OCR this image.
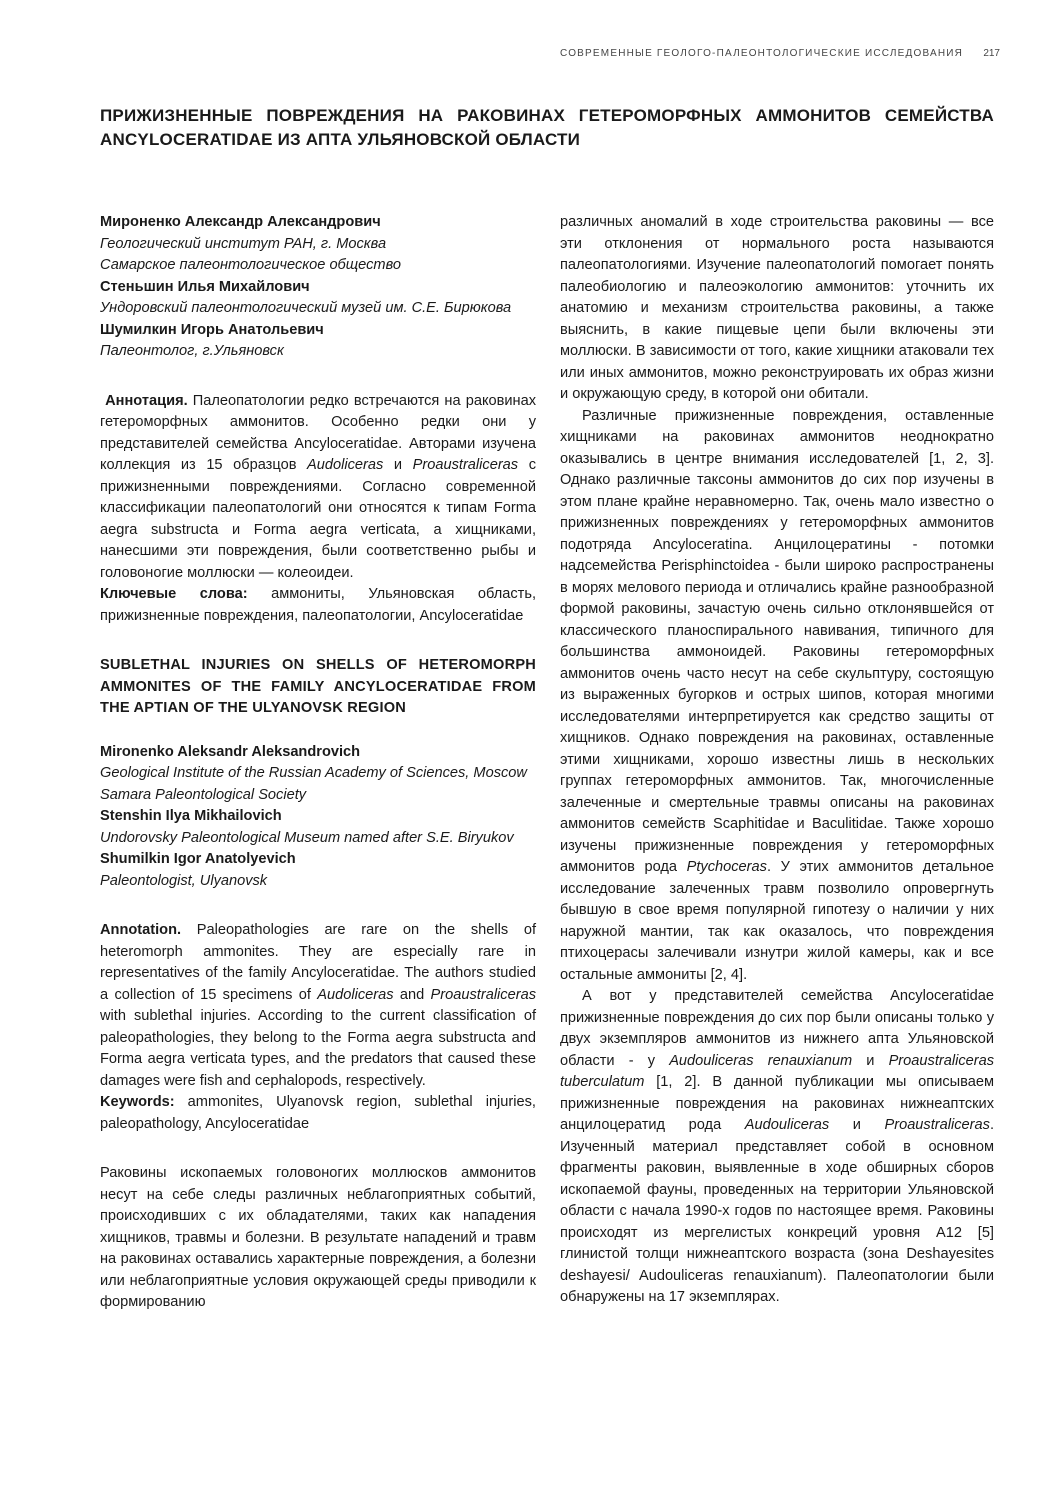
СОВРЕМЕННЫЕ ГЕОЛОГО-ПАЛЕОНТОЛОГИЧЕСКИЕ ИССЛЕДОВАНИЯ 217
ПРИЖИЗНЕННЫЕ ПОВРЕЖДЕНИЯ НА РАКОВИНАХ ГЕТЕРОМОРФНЫХ АММОНИТОВ СЕМЕЙСТВА ANCYLOCERATIDAE ИЗ АПТА УЛЬЯНОВСКОЙ ОБЛАСТИ

Мироненко Александр Александрович

Геологический институт РАН, г. Москва

Самарское палеонтологическое общество

Стеньшин Илья Михайлович

Ундоровский палеонтологический музей им. С.Е. Бирюкова

Шумилкин Игорь Анатольевич

Палеонтолог, г.Ульяновск

Аннотация. Палеопатологии редко встречаются на раковинах гетероморфных аммонитов. Особенно редки они у представителей семейства Ancyloceratidae. Авторами изучена коллекция из 15 образцов Audoliceras и Proaustraliceras с прижизненными повреждениями. Согласно современной классификации палеопатологий они относятся к типам Forma aegra substructa и Forma aegra verticata, а хищниками, нанесшими эти повреждения, были соответственно рыбы и головоногие моллюски — колеоидеи.

Ключевые слова: аммониты, Ульяновская область, прижизненные повреждения, палеопатологии, Ancyloceratidae

SUBLETHAL INJURIES ON SHELLS OF HETEROMORPH AMMONITES OF THE FAMILY ANCYLOCERATIDAE FROM THE APTIAN OF THE ULYANOVSK REGION

Mironenko Aleksandr Aleksandrovich

Geological Institute of the Russian Academy of Sciences, Moscow

Samara Paleontological Society

Stenshin Ilya Mikhailovich

Undorovsky Paleontological Museum named after S.E. Biryukov

Shumilkin Igor Anatolyevich

Paleontologist, Ulyanovsk

Annotation. Paleopathologies are rare on the shells of heteromorph ammonites. They are especially rare in representatives of the family Ancyloceratidae. The authors studied a collection of 15 specimens of Audoliceras and Proaustraliceras with sublethal injuries. According to the current classification of paleopathologies, they belong to the Forma aegra substructa and Forma aegra verticata types, and the predators that caused these damages were fish and cephalopods, respectively.

Keywords: ammonites, Ulyanovsk region, sublethal injuries, paleopathology, Ancyloceratidae

Раковины ископаемых головоногих моллюсков аммонитов несут на себе следы различных неблагоприятных событий, происходивших с их обладателями, таких как нападения хищников, травмы и болезни. В результате нападений и травм на раковинах оставались характерные повреждения, а болезни или неблагоприятные условия окружающей среды приводили к формированию

различных аномалий в ходе строительства раковины — все эти отклонения от нормального роста называются палеопатологиями. Изучение палеопатологий помогает понять палеобиологию и палеоэкологию аммонитов: уточнить их анатомию и механизм строительства раковины, а также выяснить, в какие пищевые цепи были включены эти моллюски. В зависимости от того, какие хищники атаковали тех или иных аммонитов, можно реконструировать их образ жизни и окружающую среду, в которой они обитали.

Различные прижизненные повреждения, оставленные хищниками на раковинах аммонитов неоднократно оказывались в центре внимания исследователей [1, 2, 3]. Однако различные таксоны аммонитов до сих пор изучены в этом плане крайне неравномерно. Так, очень мало известно о прижизненных повреждениях у гетероморфных аммонитов подотряда Ancyloceratina. Анцилоцератины - потомки надсемейства Perisphinctoidea - были широко распространены в морях мелового периода и отличались крайне разнообразной формой раковины, зачастую очень сильно отклонявшейся от классического планоспирального навивания, типичного для большинства аммоноидей. Раковины гетероморфных аммонитов очень часто несут на себе скульптуру, состоящую из выраженных бугорков и острых шипов, которая многими исследователями интерпретируется как средство защиты от хищников. Однако повреждения на раковинах, оставленные этими хищниками, хорошо известны лишь в нескольких группах гетероморфных аммонитов. Так, многочисленные залеченные и смертельные травмы описаны на раковинах аммонитов семейств Scaphitidae и Baculitidae. Также хорошо изучены прижизненные повреждения у гетероморфных аммонитов рода Ptychoceras. У этих аммонитов детальное исследование залеченных травм позволило опровергнуть бывшую в свое время популярной гипотезу о наличии у них наружной мантии, так как оказалось, что повреждения птихоцерасы залечивали изнутри жилой камеры, как и все остальные аммониты [2, 4].

А вот у представителей семейства Ancyloceratidae прижизненные повреждения до сих пор были описаны только у двух экземпляров аммонитов из нижнего апта Ульяновской области - у Audouliceras renauxianum и Proaustraliceras tuberculatum [1, 2]. В данной публикации мы описываем прижизненные повреждения на раковинах нижнеаптских анцилоцератид рода Audouliceras и Proaustraliceras. Изученный материал представляет собой в основном фрагменты раковин, выявленные в ходе обширных сборов ископаемой фауны, проведенных на территории Ульяновской области с начала 1990-х годов по настоящее время. Раковины происходят из мергелистых конкреций уровня А12 [5] глинистой толщи нижнеаптского возраста (зона Deshayesites deshayesi/ Audouliceras renauxianum). Палеопатологии были обнаружены на 17 экземплярах.
